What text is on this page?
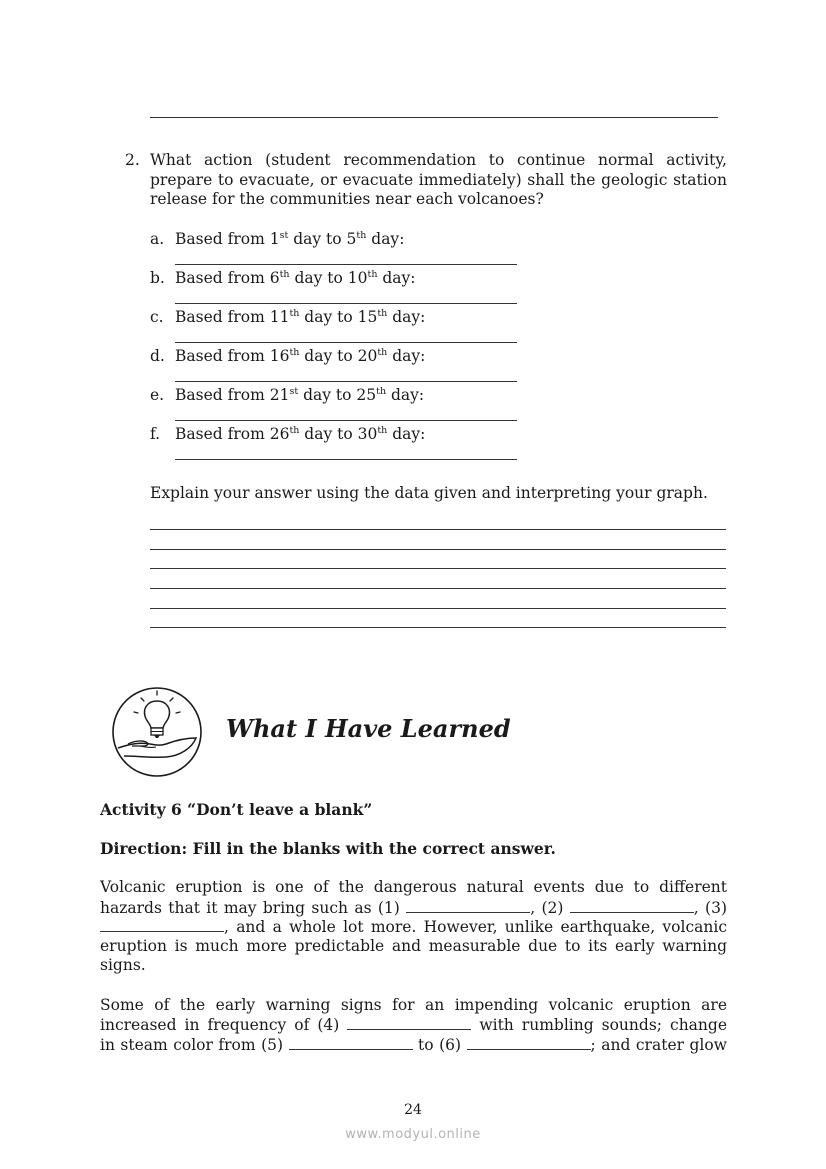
2. What action (student recommendation to continue normal activity,
prepare to evacuate, or evacuate immediately) shall the geologic station
release for the communities near each volcanoes?
a. Based from 1st day to 5th day:
b. Based from 6th day to 10th day:
c. Based from 11th day to 15th day:
d. Based from 16th day to 20th day:
e. Based from 21st day to 25th day:
f. Based from 26th day to 30th day:
Explain your answer using the data given and interpreting your graph.
What I Have Learned
Activity 6 “Don’t leave a blank”
Direction: Fill in the blanks with the correct answer.
Volcanic eruption is one of the dangerous natural events due to different
hazards that it may bring such as (1)	, (2)	, (3)
, and a whole lot more. However, unlike earthquake, volcanic
eruption is much more predictable and measurable due to its early warning
signs.
Some of the early warning signs for an impending volcanic eruption are
increased in frequency of (4)	with rumbling sounds; change
in steam color from (5)	to (6)	; and crater glow
24
www.modyul.online
